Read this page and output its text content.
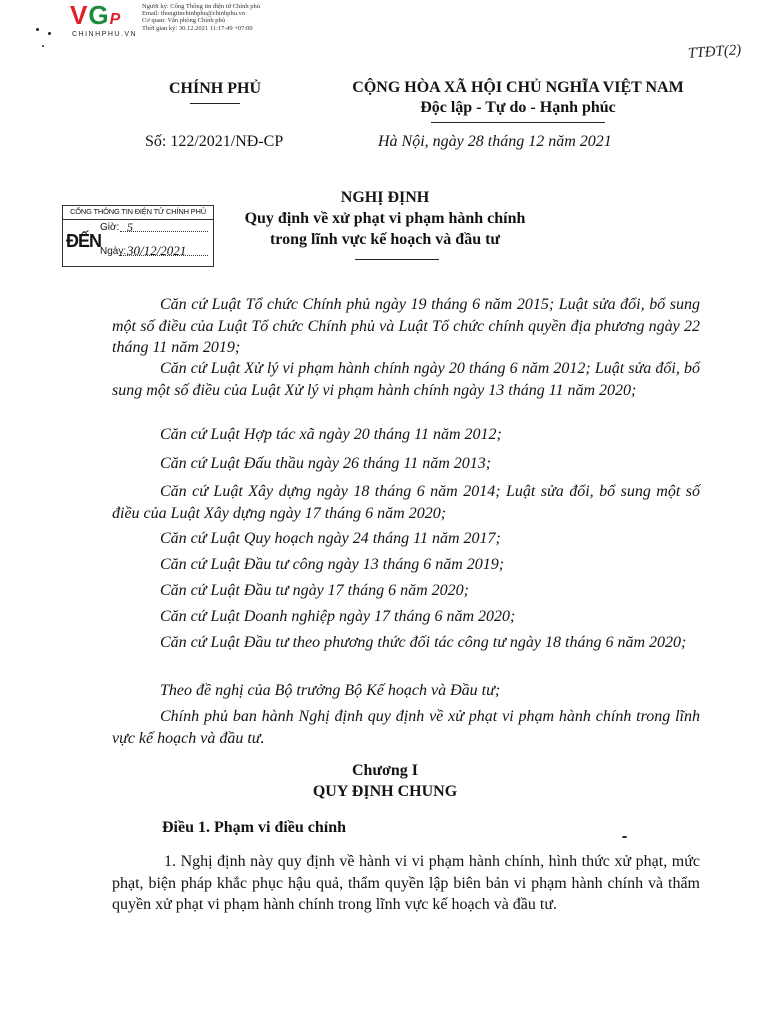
VGP
CHINHPHU.VN
Người ký: Cổng Thông tin điện tử Chính phủ
Email: thongtinchinhphu@chinhphu.vn
Cơ quan: Văn phòng Chính phủ
Thời gian ký: 30.12.2021 11:17:49 +07:00
TTĐT(2)
CHÍNH PHỦ	CỘNG HÒA XÃ HỘI CHỦ NGHĨA VIỆT NAM
Độc lập - Tự do - Hạnh phúc
Số: 122/2021/NĐ-CP	Hà Nội, ngày 28 tháng 12 năm 2021
CỔNG THÔNG TIN ĐIỆN TỬ CHÍNH PHỦ
ĐẾN
Giờ: 5
Ngày: 30/12/2021
NGHỊ ĐỊNH
Quy định về xử phạt vi phạm hành chính
trong lĩnh vực kế hoạch và đầu tư
Căn cứ Luật Tổ chức Chính phủ ngày 19 tháng 6 năm 2015; Luật sửa đổi, bổ sung một số điều của Luật Tổ chức Chính phủ và Luật Tổ chức chính quyền địa phương ngày 22 tháng 11 năm 2019;
Căn cứ Luật Xử lý vi phạm hành chính ngày 20 tháng 6 năm 2012; Luật sửa đổi, bổ sung một số điều của Luật Xử lý vi phạm hành chính ngày 13 tháng 11 năm 2020;
Căn cứ Luật Hợp tác xã ngày 20 tháng 11 năm 2012;
Căn cứ Luật Đấu thầu ngày 26 tháng 11 năm 2013;
Căn cứ Luật Xây dựng ngày 18 tháng 6 năm 2014; Luật sửa đổi, bổ sung một số điều của Luật Xây dựng ngày 17 tháng 6 năm 2020;
Căn cứ Luật Quy hoạch ngày 24 tháng 11 năm 2017;
Căn cứ Luật Đầu tư công ngày 13 tháng 6 năm 2019;
Căn cứ Luật Đầu tư ngày 17 tháng 6 năm 2020;
Căn cứ Luật Doanh nghiệp ngày 17 tháng 6 năm 2020;
Căn cứ Luật Đầu tư theo phương thức đối tác công tư ngày 18 tháng 6 năm 2020;
Theo đề nghị của Bộ trưởng Bộ Kế hoạch và Đầu tư;
Chính phủ ban hành Nghị định quy định về xử phạt vi phạm hành chính trong lĩnh vực kế hoạch và đầu tư.
Chương I
QUY ĐỊNH CHUNG
Điều 1. Phạm vi điều chỉnh
1. Nghị định này quy định về hành vi vi phạm hành chính, hình thức xử phạt, mức phạt, biện pháp khắc phục hậu quả, thẩm quyền lập biên bản vi phạm hành chính và thẩm quyền xử phạt vi phạm hành chính trong lĩnh vực kế hoạch và đầu tư.
